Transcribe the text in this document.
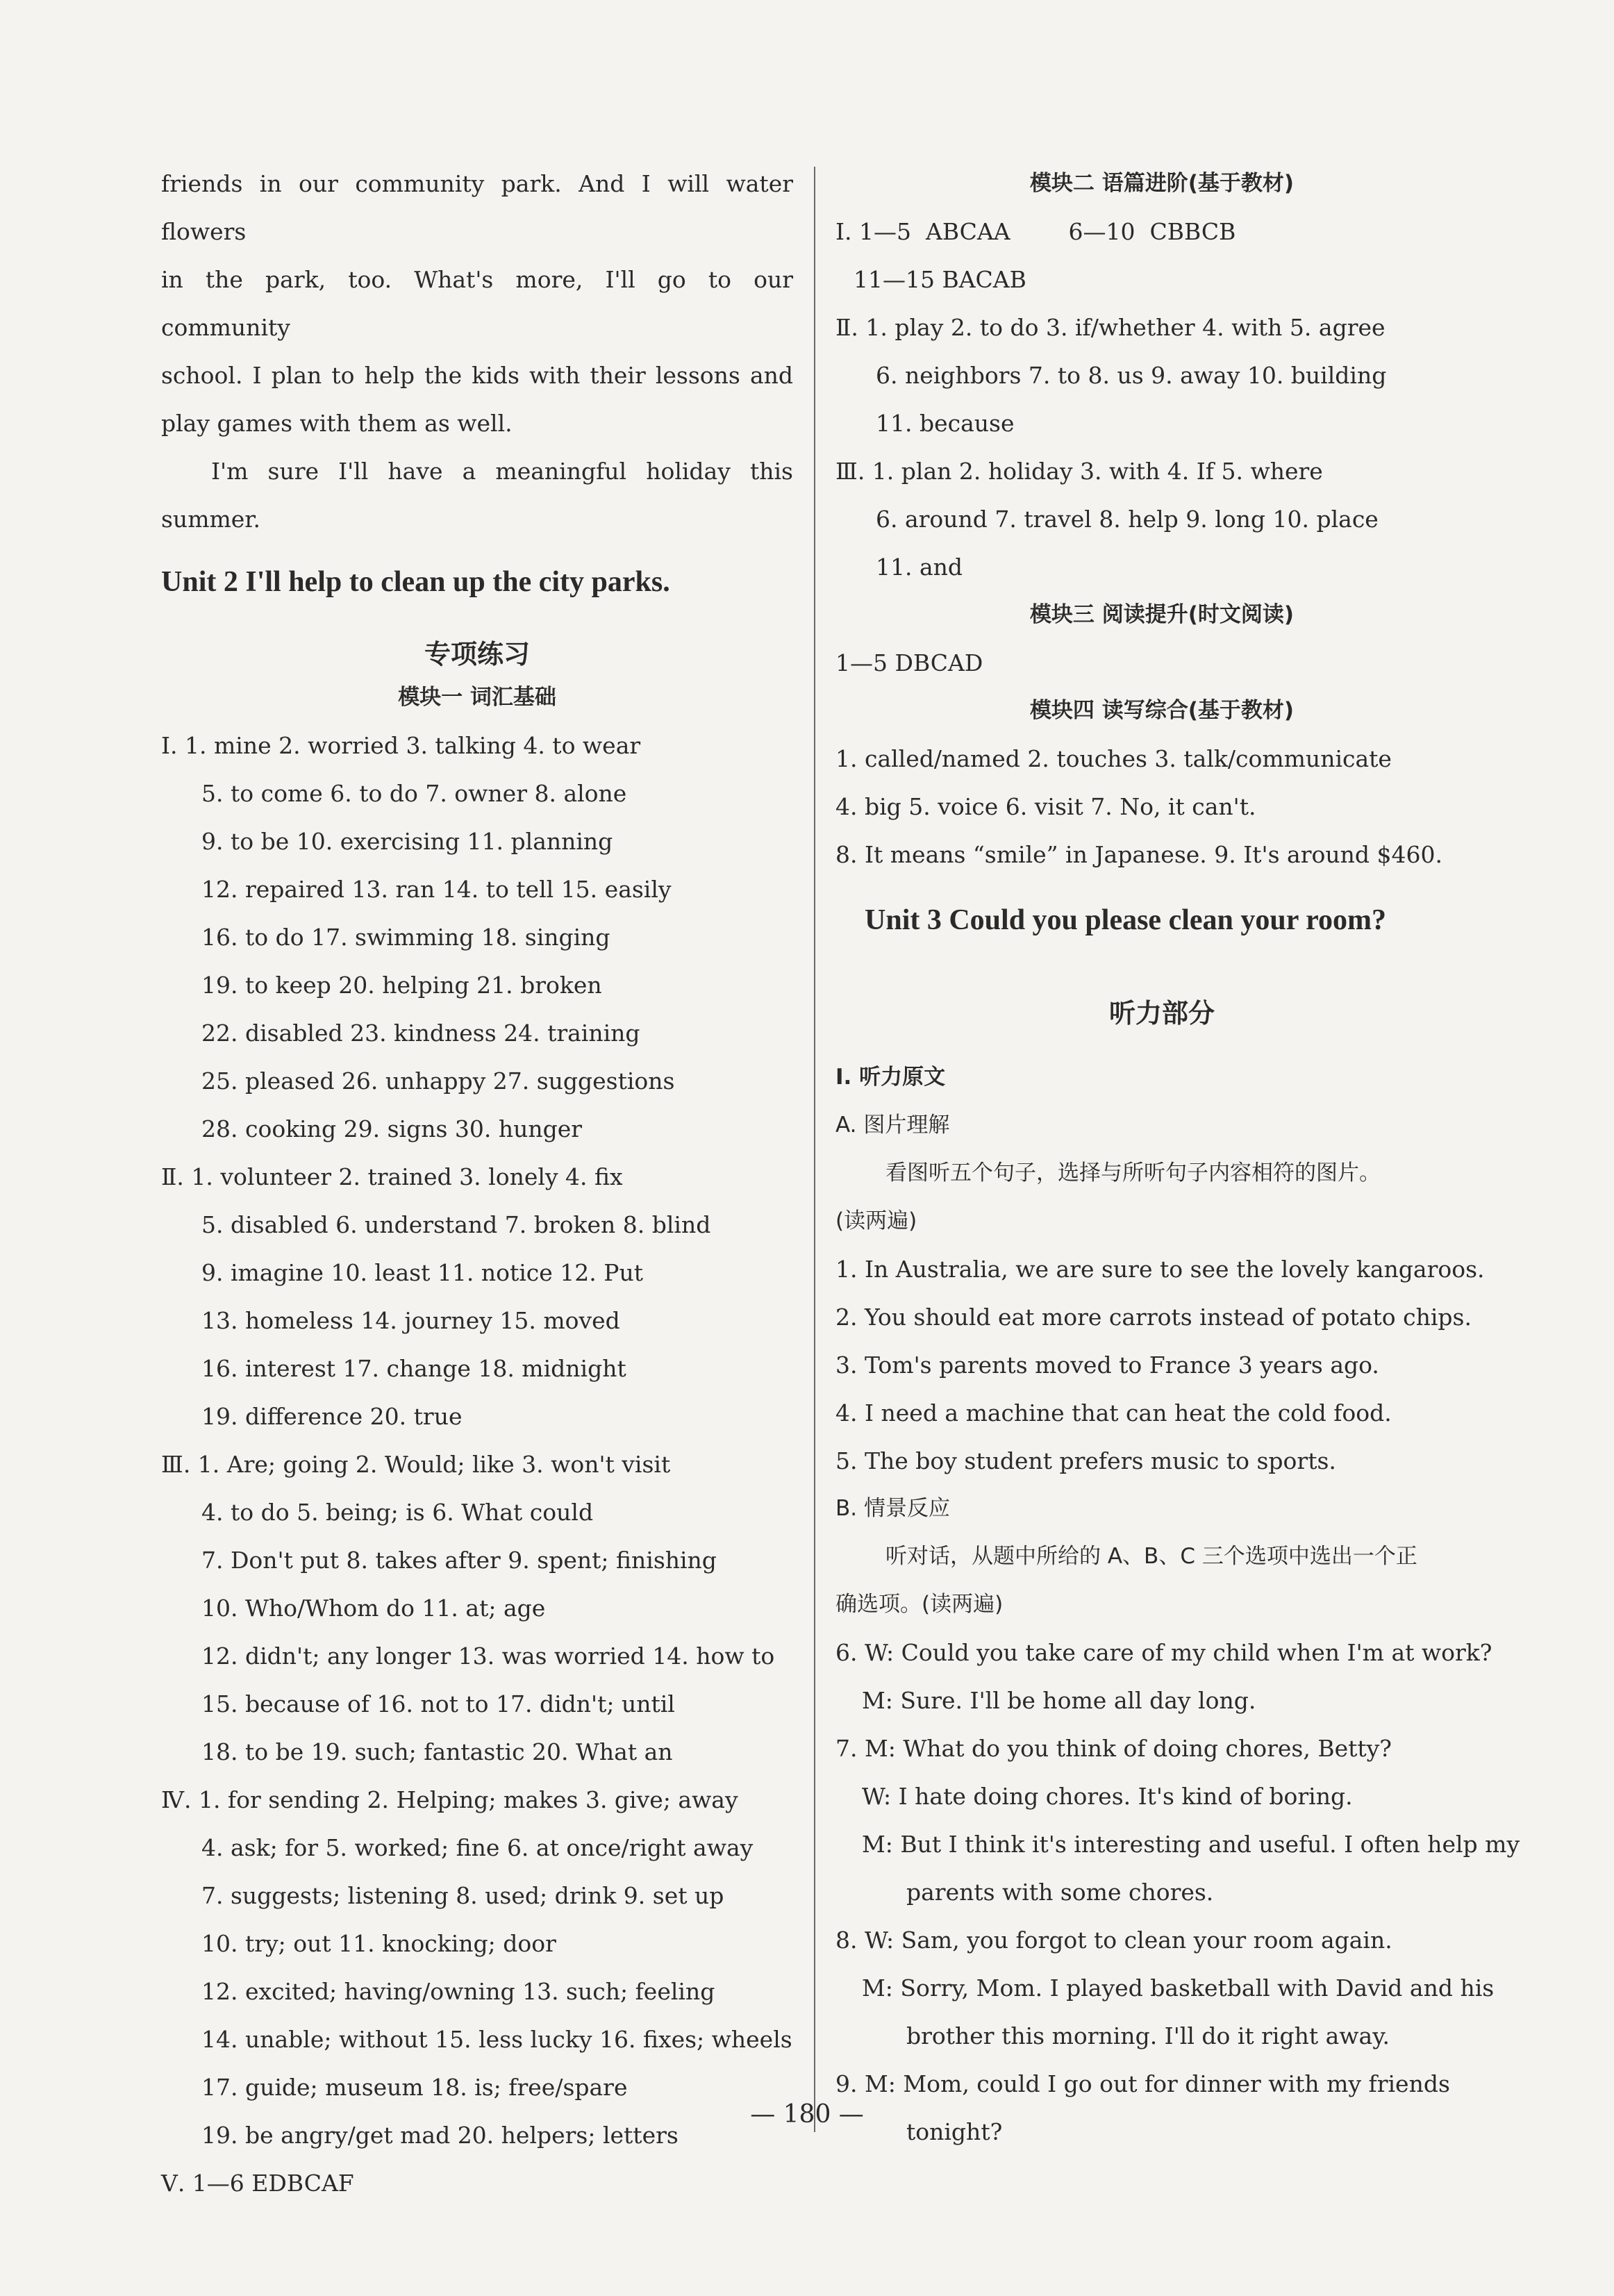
friends in our community park. And I will water flowers
in the park, too. What's more, I'll go to our community
school. I plan to help the kids with their lessons and
play games with them as well.
I'm sure I'll have a meaningful holiday this
summer.
Unit 2 I'll help to clean up the city parks.
专项练习
模块一 词汇基础
Ⅰ. 1. mine 2. worried 3. talking 4. to wear
5. to come 6. to do 7. owner 8. alone
9. to be 10. exercising 11. planning
12. repaired 13. ran 14. to tell 15. easily
16. to do 17. swimming 18. singing
19. to keep 20. helping 21. broken
22. disabled 23. kindness 24. training
25. pleased 26. unhappy 27. suggestions
28. cooking 29. signs 30. hunger
Ⅱ. 1. volunteer 2. trained 3. lonely 4. fix
5. disabled 6. understand 7. broken 8. blind
9. imagine 10. least 11. notice 12. Put
13. homeless 14. journey 15. moved
16. interest 17. change 18. midnight
19. difference 20. true
Ⅲ. 1. Are; going 2. Would; like 3. won't visit
4. to do 5. being; is 6. What could
7. Don't put 8. takes after 9. spent; finishing
10. Who/Whom do 11. at; age
12. didn't; any longer 13. was worried 14. how to
15. because of 16. not to 17. didn't; until
18. to be 19. such; fantastic 20. What an
Ⅳ. 1. for sending 2. Helping; makes 3. give; away
4. ask; for 5. worked; fine 6. at once/right away
7. suggests; listening 8. used; drink 9. set up
10. try; out 11. knocking; door
12. excited; having/owning 13. such; feeling
14. unable; without 15. less lucky 16. fixes; wheels
17. guide; museum 18. is; free/spare
19. be angry/get mad 20. helpers; letters
Ⅴ. 1—6 EDBCAF
模块二 语篇进阶(基于教材)
Ⅰ. 1—5  ABCAA        6—10  CBBCB
11—15 BACAB
Ⅱ. 1. play 2. to do 3. if/whether 4. with 5. agree
6. neighbors 7. to 8. us 9. away 10. building
11. because
Ⅲ. 1. plan 2. holiday 3. with 4. If 5. where
6. around 7. travel 8. help 9. long 10. place
11. and
模块三 阅读提升(时文阅读)
1—5 DBCAD
模块四 读写综合(基于教材)
1. called/named 2. touches 3. talk/communicate
4. big 5. voice 6. visit 7. No, it can't.
8. It means “smile” in Japanese. 9. It's around $460.
Unit 3 Could you please clean your room?
听力部分
Ⅰ. 听力原文
A. 图片理解
看图听五个句子，选择与所听句子内容相符的图片。
(读两遍)
1. In Australia, we are sure to see the lovely kangaroos.
2. You should eat more carrots instead of potato chips.
3. Tom's parents moved to France 3 years ago.
4. I need a machine that can heat the cold food.
5. The boy student prefers music to sports.
B. 情景反应
听对话，从题中所给的 A、B、C 三个选项中选出一个正
确选项。(读两遍)
6. W: Could you take care of my child when I'm at work?
M: Sure. I'll be home all day long.
7. M: What do you think of doing chores, Betty?
W: I hate doing chores. It's kind of boring.
M: But I think it's interesting and useful. I often help my
parents with some chores.
8. W: Sam, you forgot to clean your room again.
M: Sorry, Mom. I played basketball with David and his
brother this morning. I'll do it right away.
9. M: Mom, could I go out for dinner with my friends
tonight?
— 180 —
